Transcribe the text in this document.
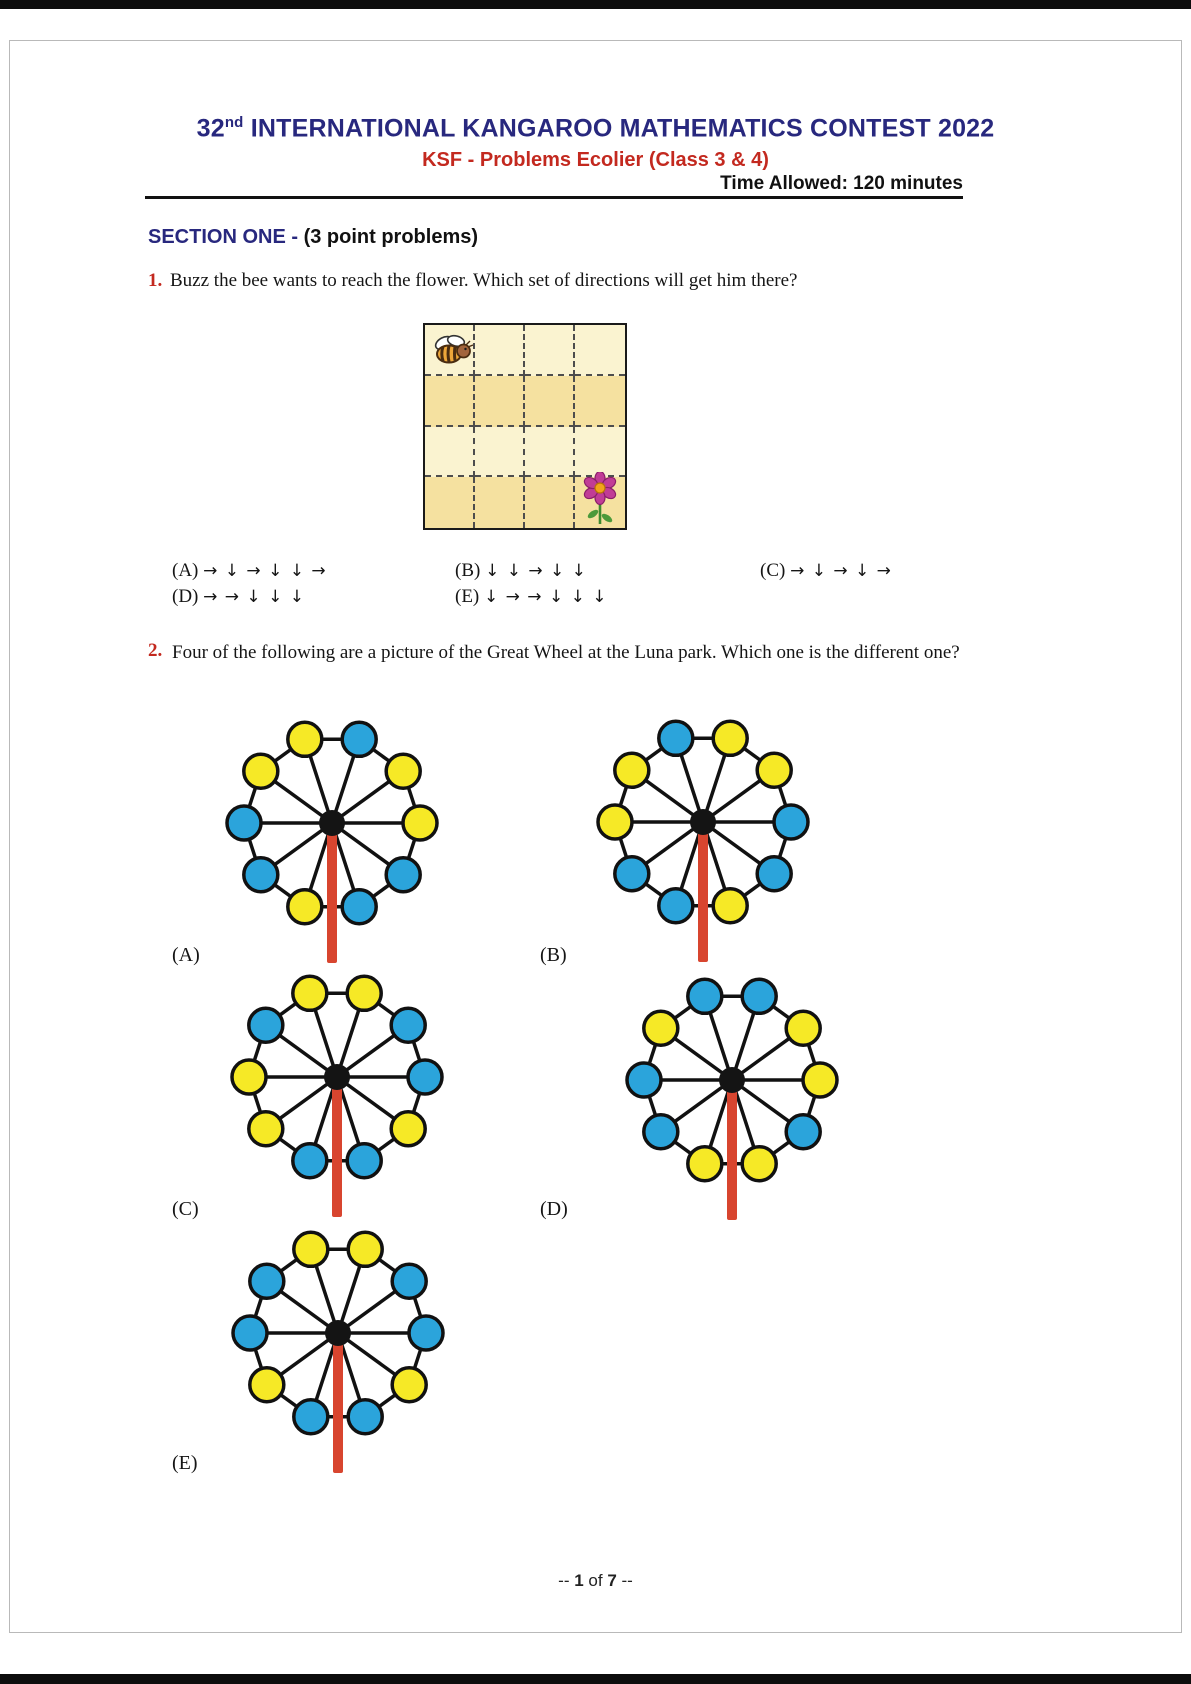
32nd INTERNATIONAL KANGAROO MATHEMATICS CONTEST 2022
KSF - Problems Ecolier (Class 3 & 4)
Time Allowed: 120 minutes
SECTION ONE - (3 point problems)
1. Buzz the bee wants to reach the flower. Which set of directions will get him there?
(A) → ↓ → ↓ ↓ →	(B) ↓ ↓ → ↓ ↓	(C) → ↓ → ↓ →
(D) → → ↓ ↓ ↓	(E) ↓ → → ↓ ↓ ↓
2. Four of the following are a picture of the Great Wheel at the Luna park. Which one is the different one?
(A)	(B)
(C)	(D)
(E)
-- 1 of 7 --
